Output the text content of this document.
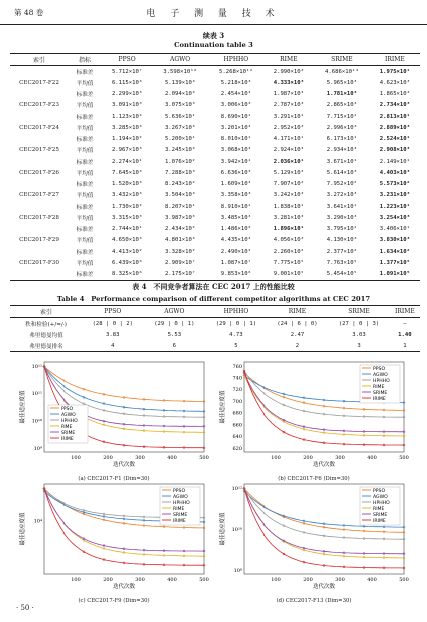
第 48 卷	电 子 测 量 技 术
续表 3
Continuation table 3
索引	指标	PPSO	AGWO	HPHHO	RIME	SRIME	IRIME
	标准差	5.712×10⁷	3.598×10¹⁰	5.268×10¹²	2.990×10³	4.686×10¹³	1.975×10¹
CEC2017-F22	平均值	6.115×10³	5.139×10³	5.218×10³	4.333×10³	5.965×10³	4.623×10³
	标准差	2.299×10³	2.094×10³	2.454×10³	1.987×10³	1.781×10³	1.865×10³
CEC2017-F23	平均值	3.091×10³	3.075×10³	3.006×10³	2.787×10³	2.865×10³	2.734×10³
	标准差	1.123×10²	5.636×10¹	8.690×10¹	3.291×10¹	7.715×10¹	2.813×10¹
CEC2017-F24	平均值	3.285×10³	3.267×10³	3.201×10³	2.952×10³	2.996×10³	2.889×10³
	标准差	1.194×10²	5.200×10¹	8.010×10¹	4.171×10¹	6.173×10¹	2.524×10¹
CEC2017-F25	平均值	2.967×10³	3.245×10³	3.068×10³	2.924×10³	2.934×10³	2.908×10³
	标准差	2.274×10¹	1.076×10²	3.942×10¹	2.036×10¹	3.671×10¹	2.149×10¹
CEC2017-F26	平均值	7.645×10³	7.288×10³	6.636×10³	5.129×10³	5.614×10³	4.403×10³
	标准差	1.520×10³	8.243×10²	1.609×10³	7.907×10²	7.952×10²	5.573×10²
CEC2017-F27	平均值	3.432×10³	3.504×10³	3.358×10³	3.242×10³	3.272×10³	3.231×10³
	标准差	1.730×10²	8.207×10¹	8.910×10¹	1.838×10¹	3.641×10¹	1.223×10¹
CEC2017-F28	平均值	3.315×10³	3.987×10³	3.485×10³	3.281×10³	3.290×10³	3.254×10³
	标准差	2.744×10¹	2.434×10²	1.486×10²	1.896×10¹	3.795×10¹	3.406×10¹
CEC2017-F29	平均值	4.650×10³	4.801×10³	4.435×10³	4.056×10³	4.130×10³	3.830×10³
	标准差	4.413×10²	3.328×10²	2.490×10²	2.260×10²	2.377×10²	1.634×10²
CEC2017-F30	平均值	6.439×10⁶	2.909×10⁷	1.087×10⁷	7.775×10⁵	7.763×10⁵	1.377×10⁵
	标准差	8.325×10⁶	2.175×10⁷	9.853×10⁶	9.001×10⁵	5.454×10⁵	1.091×10⁵
表 4　不同竞争者算法在 CEC 2017 上的性能比较
Table 4　Performance comparison of different competitor algorithms at CEC 2017
索引	PPSO	AGWO	HPHHO	RIME	SRIME	IRIME
秩和检验(+/=/-)	(28 | 0 | 2)	(29 | 0 | 1)	(29 | 0 | 1)	(24 | 6 | 0)	(27 | 0 | 3)	—
弗里德曼均值	3.83	5.53	4.73	2.47	3.03	1.40
弗里德曼排名	4	6	5	2	3	1
10¹²
10¹¹
10¹⁰
10⁹
100	200	300	400	500
迭代次数
最佳适应度值	PPSO
AGWO
HPHHO
RIME
SRIME
IRIME
(a) CEC2017-F1 (Dim=30)
760
740
720
700
680
660
640
620
100	200	300	400	500
迭代次数
最佳适应度值
PPSO
AGWO
HPHHO
RIME
SRIME
IRIME
(b) CEC2017-F6 (Dim=30)
10⁴
100	200	300	400	500
迭代次数
最佳适应度值
PPSO
AGWO
HPHHO
RIME
SRIME
IRIME
(c) CEC2017-F9 (Dim=30)
10¹²
10¹⁰
10⁸
100	200	300	400	500
迭代次数
最佳适应度值
PPSO
AGWO
HPHHO
RIME
SRIME
IRIME
(d) CEC2017-F13 (Dim=30)
· 50 ·
